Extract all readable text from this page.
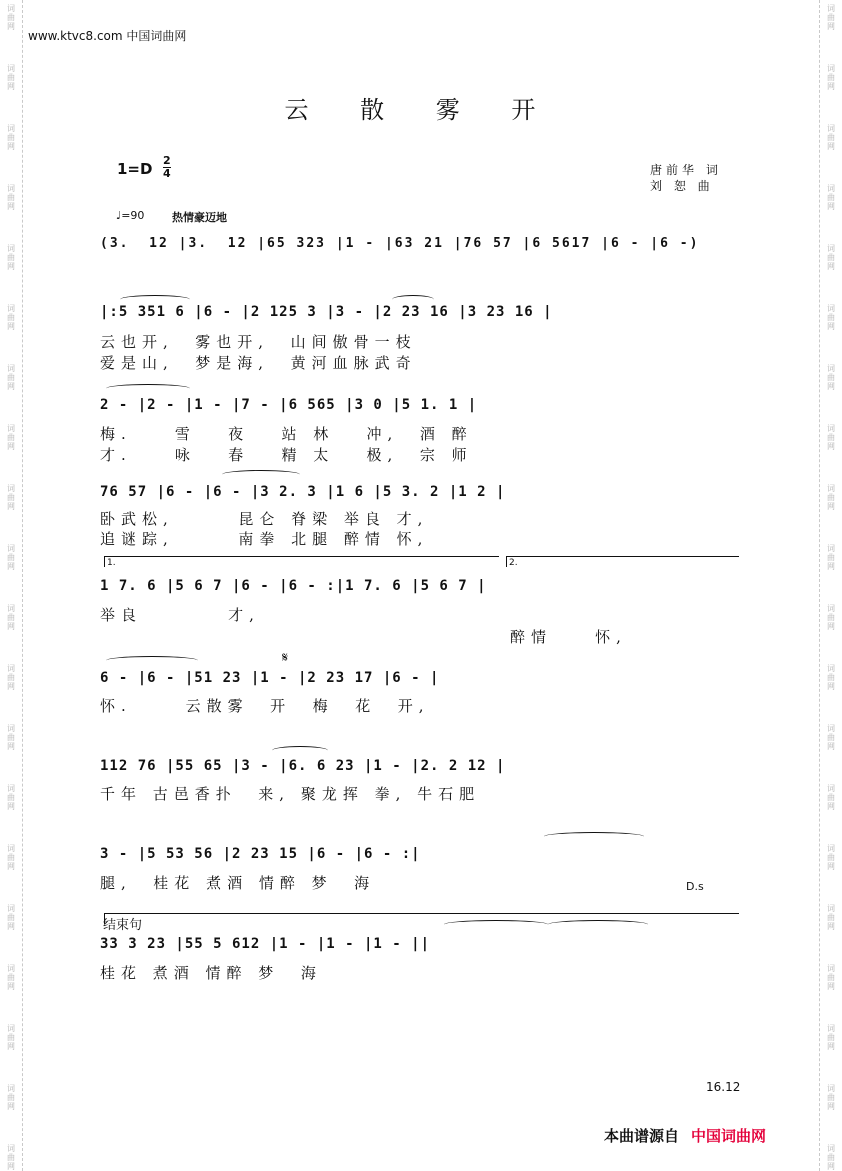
词
曲
网
词
曲
网
词
曲
网
词
曲
网
词
曲
网
词
曲
网
词
曲
网
词
曲
网
词
曲
网
词
曲
网
词
曲
网
词
曲
网
词
曲
网
词
曲
网
词
曲
网
词
曲
网
词
曲
网
词
曲
网
词
曲
网
词
曲
网
词
曲
网
词
曲
网
词
曲
网
词
曲
网
词
曲
网
词
曲
网
词
曲
网
词
曲
网
词
曲
网
词
曲
网
词
曲
网
词
曲
网
词
曲
网
词
曲
网
词
曲
网
词
曲
网
词
曲
网
词
曲
网
词
曲
网
词
曲
网
www.ktvc8.com 中国词曲网
云 散 雾 开
$1=D \frac{2}{4}$	唐前华 词
刘 恕 曲
♩=90	热情豪迈地
(3.  12 |3.  12 |65 323 |1 - |63 21 |76 57 |6 5617 |6 - |6 -)
|:5 351 6 |6 - |2 125 3 |3 - |2 23 16 |3 23 16 |
云也开,  雾也开,  山间傲骨一枝
爱是山,  梦是海,  黄河血脉武奇
2 - |2 - |1 - |7 - |6 565 |3 0 |5 1. 1 |
梅.    雪   夜   站 林   冲,  酒 醉
才.    咏   春   精 太   极,  宗 师
76 57 |6 - |6 - |3 2. 3 |1 6 |5 3. 2 |1 2 |
卧武松,      昆仑 脊梁 举良 才,
追谜踪,      南拳 北腿 醉情 怀,
1.	2.
1 7. 6 |5 6 7 |6 - |6 - :|1 7. 6 |5 6 7 |
举良        才,
醉情    怀,
𝄋
6 - |6 - |51 23 |1 - |2 23 17 |6 - |
怀.     云散雾  开  梅  花  开,
112 76 |55 65 |3 - |6. 6 23 |1 - |2. 2 12 |
千年 古邑香扑  来, 聚龙挥 拳, 牛石肥
3 - |5 53 56 |2 23 15 |6 - |6 - :|
腿,  桂花 煮酒 情醉 梦  海	D.s
结束句
33 3 23 |55 5 612 |1 - |1 - |1 - ||
桂花 煮酒 情醉 梦  海
16.12
本曲谱源自 中国词曲网
